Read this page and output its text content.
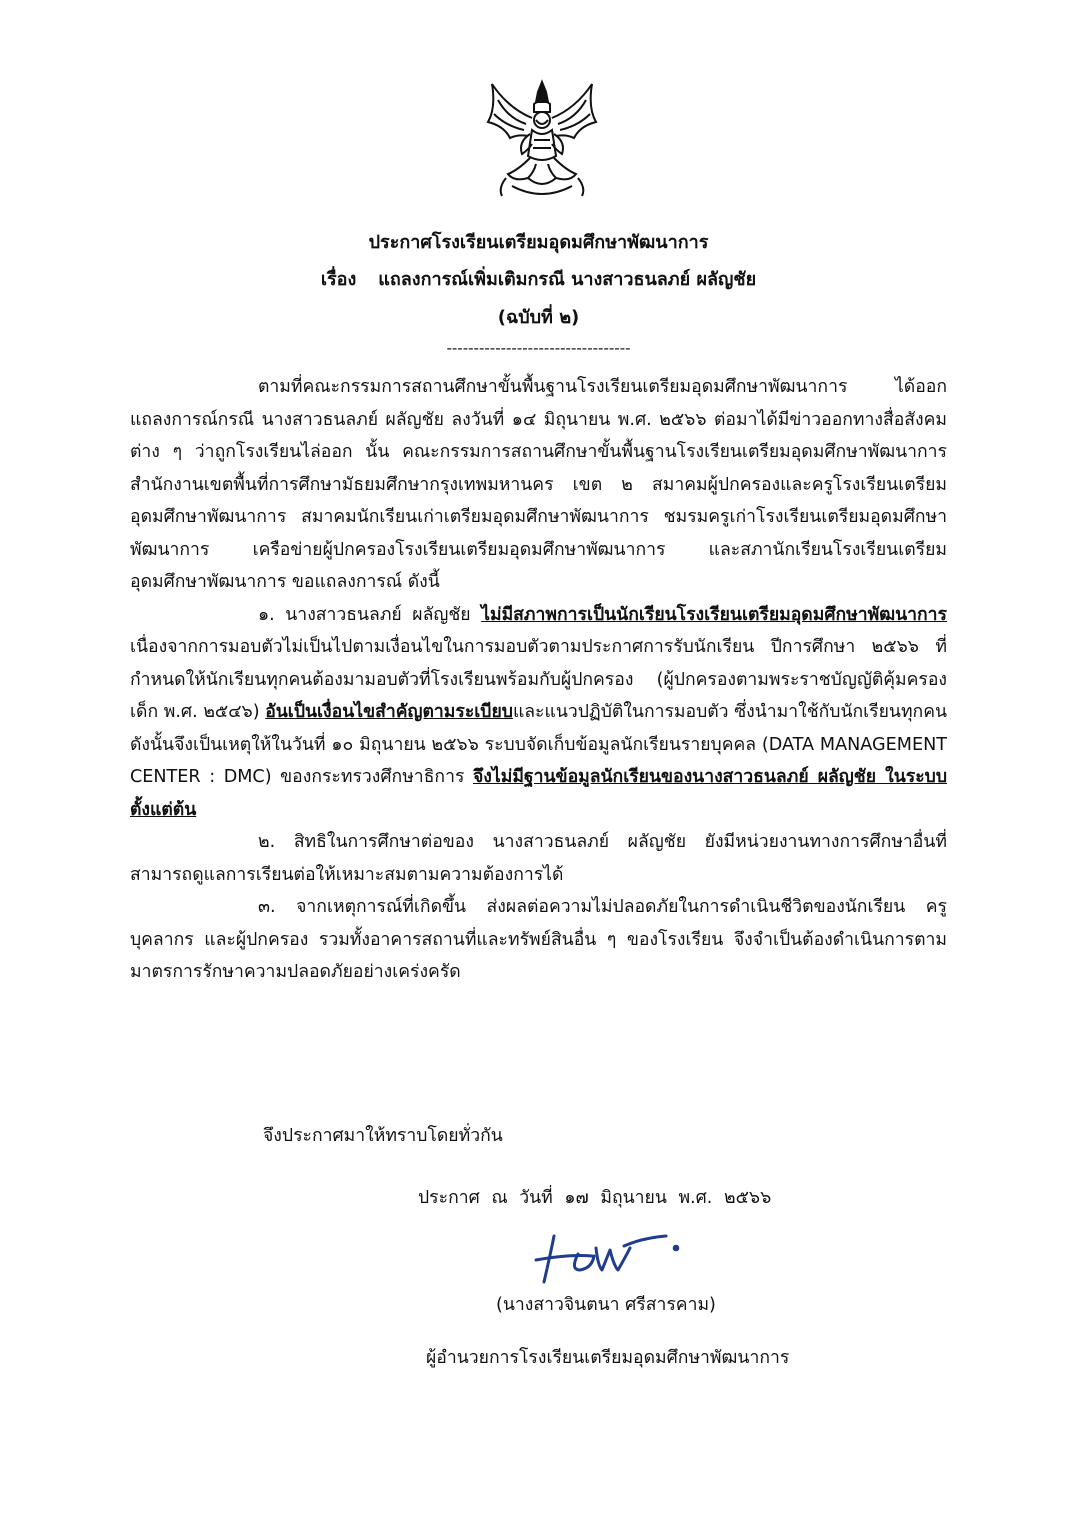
ประกาศโรงเรียนเตรียมอุดมศึกษาพัฒนาการ
เรื่อง แถลงการณ์เพิ่มเติมกรณี นางสาวธนลภย์ ผลัญชัย
(ฉบับที่ ๒)
----------------------------------

ตามที่คณะกรรมการสถานศึกษาขั้นพื้นฐานโรงเรียนเตรียมอุดมศึกษาพัฒนาการ ได้ออกแถลงการณ์กรณี นางสาวธนลภย์ ผลัญชัย ลงวันที่ ๑๔ มิถุนายน พ.ศ. ๒๕๖๖ ต่อมาได้มีข่าวออกทางสื่อสังคมต่าง ๆ ว่าถูกโรงเรียนไล่ออก นั้น คณะกรรมการสถานศึกษาขั้นพื้นฐานโรงเรียนเตรียมอุดมศึกษาพัฒนาการ สำนักงานเขตพื้นที่การศึกษามัธยมศึกษากรุงเทพมหานคร เขต ๒ สมาคมผู้ปกครองและครูโรงเรียนเตรียมอุดมศึกษาพัฒนาการ สมาคมนักเรียนเก่าเตรียมอุดมศึกษาพัฒนาการ ชมรมครูเก่าโรงเรียนเตรียมอุดมศึกษาพัฒนาการ เครือข่ายผู้ปกครองโรงเรียนเตรียมอุดมศึกษาพัฒนาการ และสภานักเรียนโรงเรียนเตรียมอุดมศึกษาพัฒนาการ ขอแถลงการณ์ ดังนี้

๑. นางสาวธนลภย์ ผลัญชัย ไม่มีสภาพการเป็นนักเรียนโรงเรียนเตรียมอุดมศึกษาพัฒนาการ เนื่องจากการมอบตัวไม่เป็นไปตามเงื่อนไขในการมอบตัวตามประกาศการรับนักเรียน ปีการศึกษา ๒๕๖๖ ที่กำหนดให้นักเรียนทุกคนต้องมามอบตัวที่โรงเรียนพร้อมกับผู้ปกครอง (ผู้ปกครองตามพระราชบัญญัติคุ้มครองเด็ก พ.ศ. ๒๕๔๖) อันเป็นเงื่อนไขสำคัญตามระเบียบและแนวปฏิบัติในการมอบตัว ซึ่งนำมาใช้กับนักเรียนทุกคน ดังนั้นจึงเป็นเหตุให้ในวันที่ ๑๐ มิถุนายน ๒๕๖๖ ระบบจัดเก็บข้อมูลนักเรียนรายบุคคล (DATA MANAGEMENT CENTER : DMC) ของกระทรวงศึกษาธิการ จึงไม่มีฐานข้อมูลนักเรียนของนางสาวธนลภย์ ผลัญชัย ในระบบตั้งแต่ต้น

๒. สิทธิในการศึกษาต่อของ นางสาวธนลภย์ ผลัญชัย ยังมีหน่วยงานทางการศึกษาอื่นที่สามารถดูแลการเรียนต่อให้เหมาะสมตามความต้องการได้

๓. จากเหตุการณ์ที่เกิดขึ้น ส่งผลต่อความไม่ปลอดภัยในการดำเนินชีวิตของนักเรียน ครู บุคลากร และผู้ปกครอง รวมทั้งอาคารสถานที่และทรัพย์สินอื่น ๆ ของโรงเรียน จึงจำเป็นต้องดำเนินการตามมาตรการรักษาความปลอดภัยอย่างเคร่งครัด

จึงประกาศมาให้ทราบโดยทั่วกัน
ประกาศ ณ วันที่ ๑๗ มิถุนายน พ.ศ. ๒๕๖๖
(นางสาวจินตนา ศรีสารคาม)
ผู้อำนวยการโรงเรียนเตรียมอุดมศึกษาพัฒนาการ
